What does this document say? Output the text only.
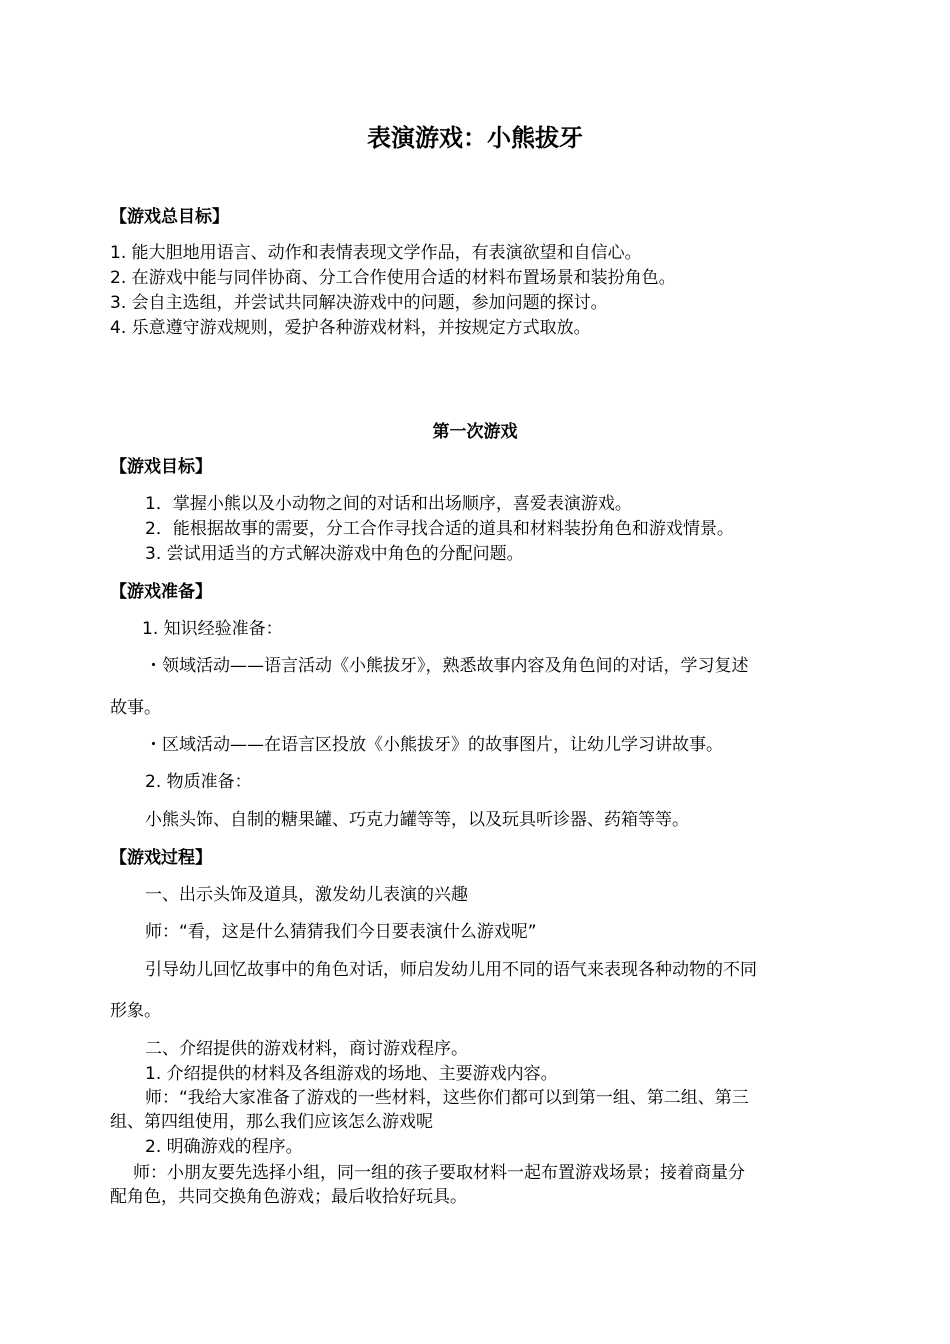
表演游戏：小熊拔牙
【游戏总目标】
1. 能大胆地用语言、动作和表情表现文学作品，有表演欲望和自信心。
2. 在游戏中能与同伴协商、分工合作使用合适的材料布置场景和装扮角色。
3. 会自主选组，并尝试共同解决游戏中的问题，参加问题的探讨。
4. 乐意遵守游戏规则，爱护各种游戏材料，并按规定方式取放。
第一次游戏
【游戏目标】
1．掌握小熊以及小动物之间的对话和出场顺序，喜爱表演游戏。
2．能根据故事的需要，分工合作寻找合适的道具和材料装扮角色和游戏情景。
3. 尝试用适当的方式解决游戏中角色的分配问题。
【游戏准备】
1. 知识经验准备：
・领域活动——语言活动《小熊拔牙》，熟悉故事内容及角色间的对话，学习复述
故事。
・区域活动——在语言区投放《小熊拔牙》的故事图片，让幼儿学习讲故事。
2. 物质准备：
小熊头饰、自制的糖果罐、巧克力罐等等，以及玩具听诊器、药箱等等。
【游戏过程】
一、出示头饰及道具，激发幼儿表演的兴趣
师：“看，这是什么猜猜我们今日要表演什么游戏呢”
引导幼儿回忆故事中的角色对话，师启发幼儿用不同的语气来表现各种动物的不同
形象。
二、介绍提供的游戏材料，商讨游戏程序。
1. 介绍提供的材料及各组游戏的场地、主要游戏内容。
师：“我给大家准备了游戏的一些材料，这些你们都可以到第一组、第二组、第三
组、第四组使用，那么我们应该怎么游戏呢
2. 明确游戏的程序。
师：小朋友要先选择小组，同一组的孩子要取材料一起布置游戏场景；接着商量分
配角色，共同交换角色游戏；最后收拾好玩具。
